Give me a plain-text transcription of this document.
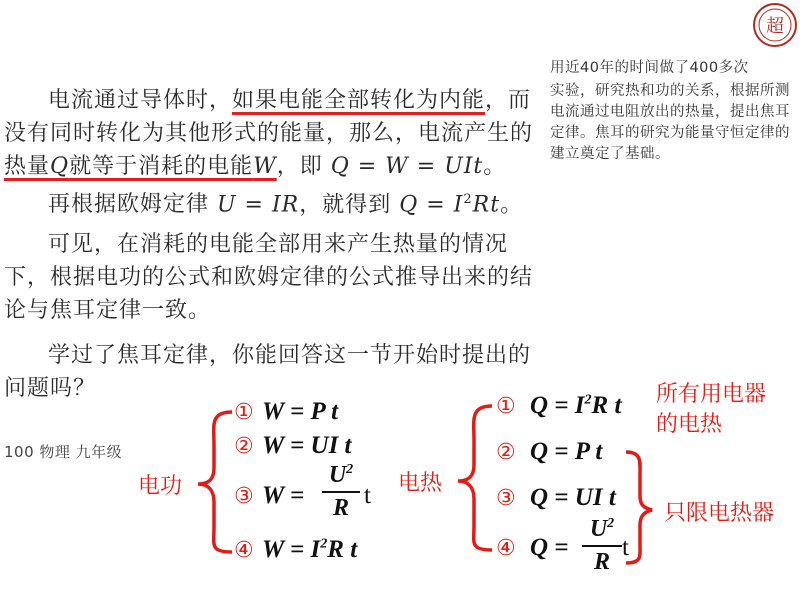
超
电流通过导体时，如果电能全部转化为内能，而没有同时转化为其他形式的能量，那么，电流产生的热量Q就等于消耗的电能W，即 Q = W = UIt。
再根据欧姆定律 U = IR，就得到 $Q = I^2Rt$。
可见，在消耗的电能全部用来产生热量的情况下，根据电功的公式和欧姆定律的公式推导出来的结论与焦耳定律一致。
学过了焦耳定律，你能回答这一节开始时提出的问题吗？
用近40年的时间做了400多次
实验，研究热和功的关系，根据所测电流通过电阻放出的热量，提出焦耳定律。焦耳的研究为能量守恒定律的建立奠定了基础。
100 物理 九年级
电功
① W = P t
② W = UI t
③ W =
$U^2$
R t
④ $W = I^2R$ t
电热
① $Q = I^2R$ t
② Q = P t
③ Q = UI t
④ Q =
$U^2$
R
t
所有用电器的电热
只限电热器
